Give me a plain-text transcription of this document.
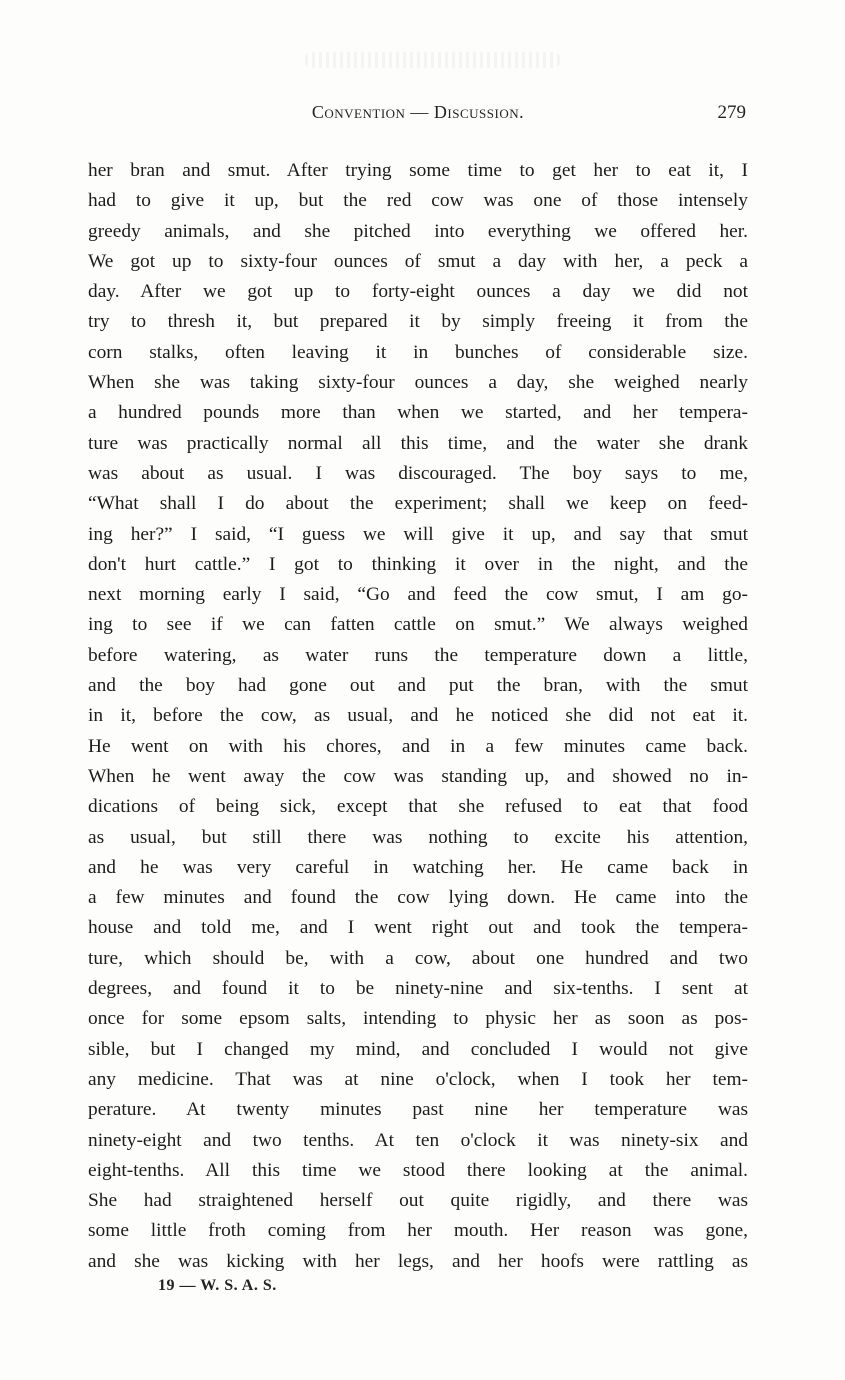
Convention — Discussion.	279
her bran and smut. After trying some time to get her to eat it, I
had to give it up, but the red cow was one of those intensely
greedy animals, and she pitched into everything we offered her.
We got up to sixty-four ounces of smut a day with her, a peck a
day. After we got up to forty-eight ounces a day we did not
try to thresh it, but prepared it by simply freeing it from the
corn stalks, often leaving it in bunches of considerable size.
When she was taking sixty-four ounces a day, she weighed nearly
a hundred pounds more than when we started, and her tempera-
ture was practically normal all this time, and the water she drank
was about as usual. I was discouraged. The boy says to me,
“What shall I do about the experiment; shall we keep on feed-
ing her?” I said, “I guess we will give it up, and say that smut
don't hurt cattle.” I got to thinking it over in the night, and the
next morning early I said, “Go and feed the cow smut, I am go-
ing to see if we can fatten cattle on smut.” We always weighed
before watering, as water runs the temperature down a little,
and the boy had gone out and put the bran, with the smut
in it, before the cow, as usual, and he noticed she did not eat it.
He went on with his chores, and in a few minutes came back.
When he went away the cow was standing up, and showed no in-
dications of being sick, except that she refused to eat that food
as usual, but still there was nothing to excite his attention,
and he was very careful in watching her. He came back in
a few minutes and found the cow lying down. He came into the
house and told me, and I went right out and took the tempera-
ture, which should be, with a cow, about one hundred and two
degrees, and found it to be ninety-nine and six-tenths. I sent at
once for some epsom salts, intending to physic her as soon as pos-
sible, but I changed my mind, and concluded I would not give
any medicine. That was at nine o'clock, when I took her tem-
perature. At twenty minutes past nine her temperature was
ninety-eight and two tenths. At ten o'clock it was ninety-six and
eight-tenths. All this time we stood there looking at the animal.
She had straightened herself out quite rigidly, and there was
some little froth coming from her mouth. Her reason was gone,
and she was kicking with her legs, and her hoofs were rattling as
19 — W. S. A. S.
